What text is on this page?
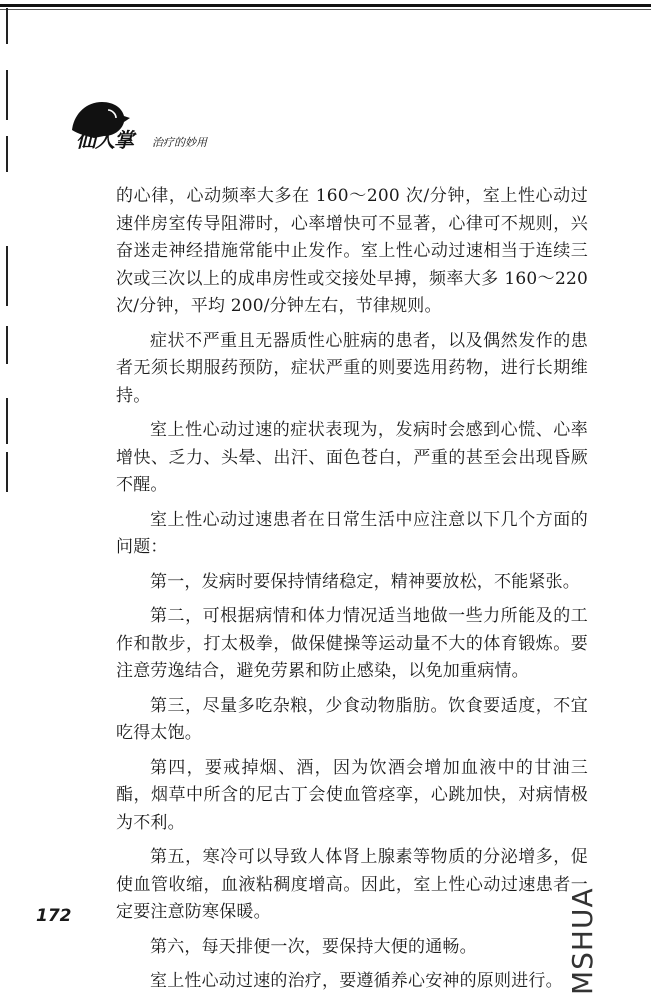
仙人掌 治疗的妙用

的心律，心动频率大多在 160～200 次/分钟，室上性心动过速伴房室传导阻滞时，心率增快可不显著，心律可不规则，兴奋迷走神经措施常能中止发作。室上性心动过速相当于连续三次或三次以上的成串房性或交接处早搏，频率大多 160～220 次/分钟，平均 200/分钟左右，节律规则。

症状不严重且无器质性心脏病的患者，以及偶然发作的患者无须长期服药预防，症状严重的则要选用药物，进行长期维持。

室上性心动过速的症状表现为，发病时会感到心慌、心率增快、乏力、头晕、出汗、面色苍白，严重的甚至会出现昏厥不醒。

室上性心动过速患者在日常生活中应注意以下几个方面的问题：

第一，发病时要保持情绪稳定，精神要放松，不能紧张。

第二，可根据病情和体力情况适当地做一些力所能及的工作和散步，打太极拳，做保健操等运动量不大的体育锻炼。要注意劳逸结合，避免劳累和防止感染，以免加重病情。

第三，尽量多吃杂粮，少食动物脂肪。饮食要适度，不宜吃得太饱。

第四，要戒掉烟、酒，因为饮酒会增加血液中的甘油三酯，烟草中所含的尼古丁会使血管痉挛，心跳加快，对病情极为不利。

第五，寒冷可以导致人体肾上腺素等物质的分泌增多，促使血管收缩，血液粘稠度增高。因此，室上性心动过速患者一定要注意防寒保暖。

第六，每天排便一次，要保持大便的通畅。

室上性心动过速的治疗，要遵循养心安神的原则进行。

172	MSHUA
